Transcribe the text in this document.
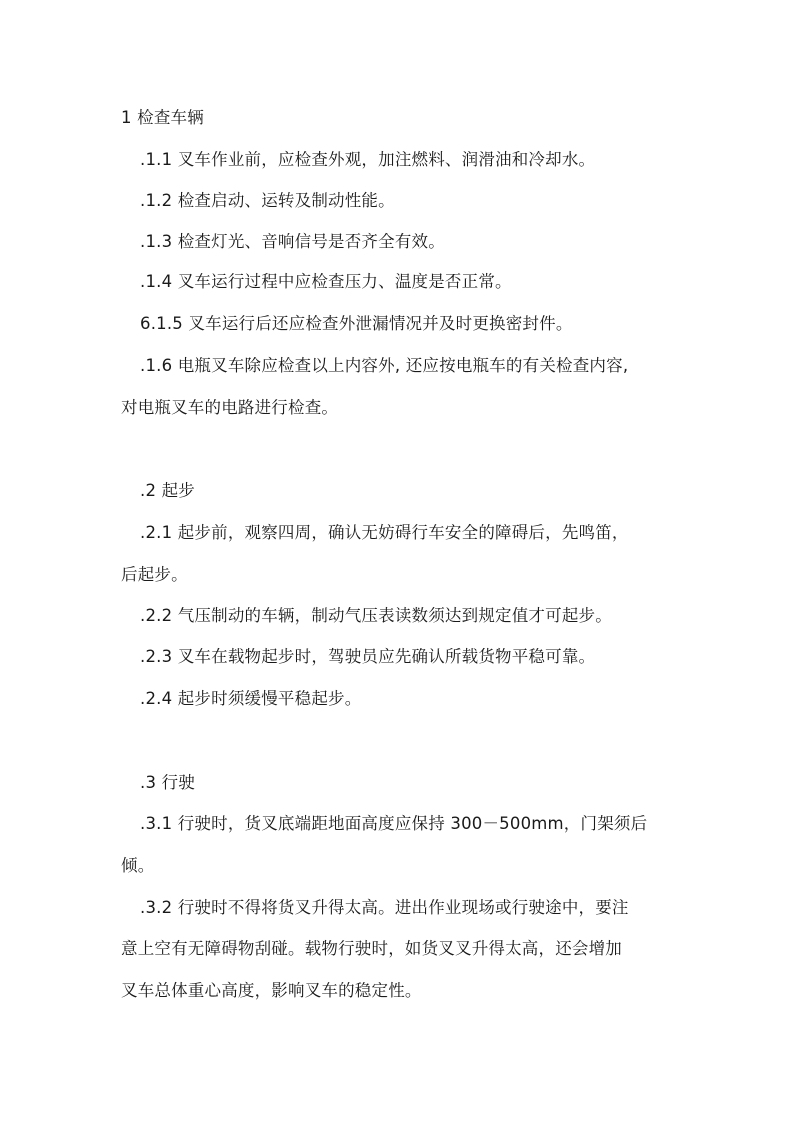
1 检查车辆
.1.1 叉车作业前，应检查外观，加注燃料、润滑油和冷却水。
.1.2 检查启动、运转及制动性能。
.1.3 检查灯光、音响信号是否齐全有效。
.1.4 叉车运行过程中应检查压力、温度是否正常。
6.1.5 叉车运行后还应检查外泄漏情况并及时更换密封件。
.1.6 电瓶叉车除应检查以上内容外, 还应按电瓶车的有关检查内容,
对电瓶叉车的电路进行检查。
.2 起步
.2.1 起步前，观察四周，确认无妨碍行车安全的障碍后，先鸣笛，
后起步。
.2.2 气压制动的车辆，制动气压表读数须达到规定值才可起步。
.2.3 叉车在载物起步时，驾驶员应先确认所载货物平稳可靠。
.2.4 起步时须缓慢平稳起步。
.3 行驶
.3.1 行驶时，货叉底端距地面高度应保持 300－500mm，门架须后
倾。
.3.2 行驶时不得将货叉升得太高。进出作业现场或行驶途中，要注
意上空有无障碍物刮碰。载物行驶时，如货叉叉升得太高，还会增加
叉车总体重心高度，影响叉车的稳定性。
